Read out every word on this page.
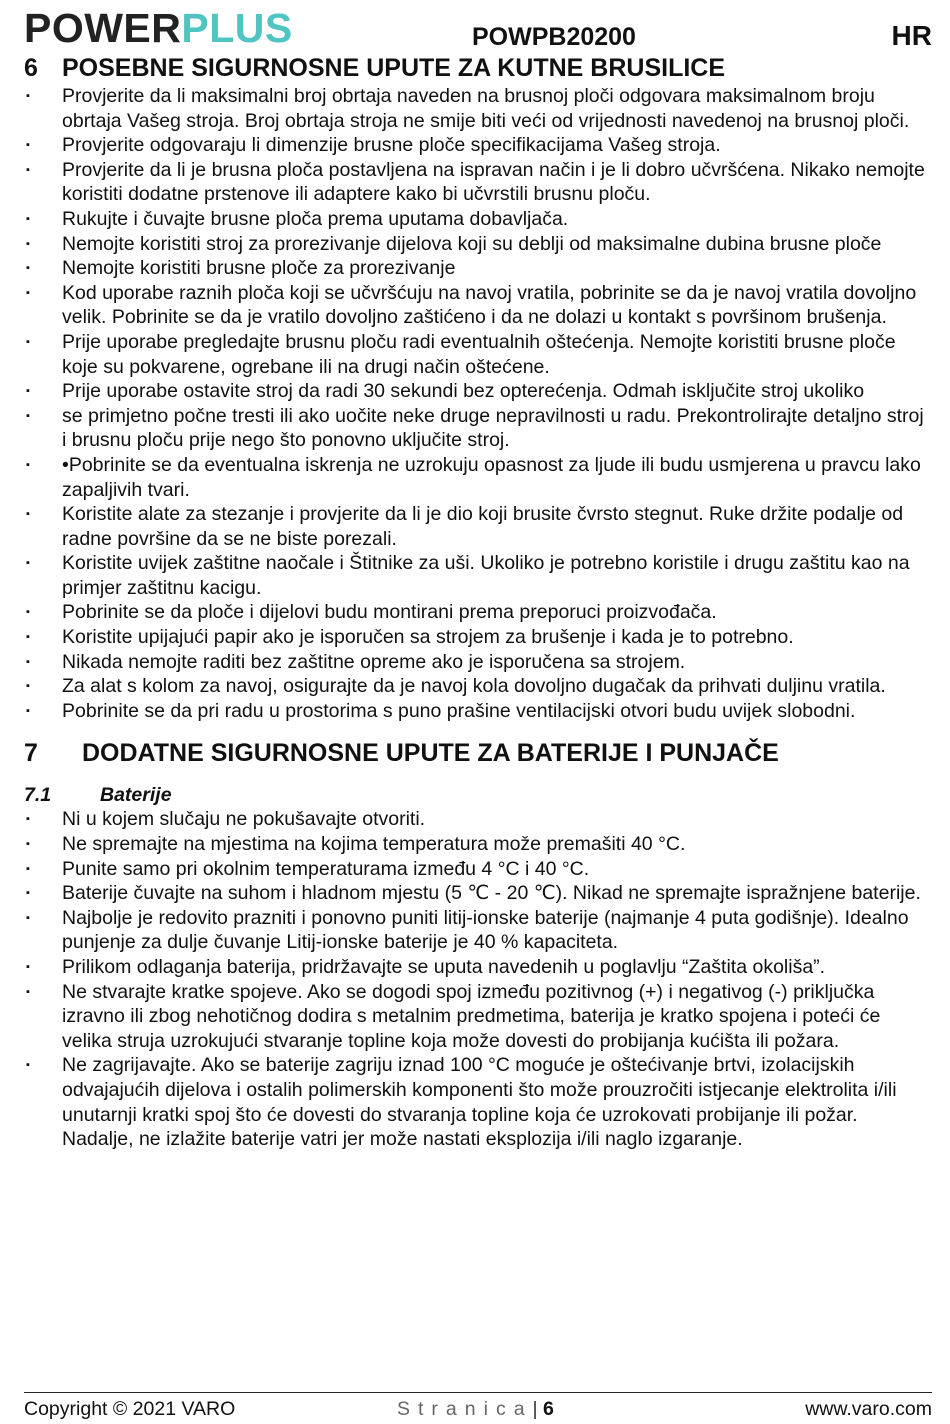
POWERPLUS	POWPB20200	HR
6 POSEBNE SIGURNOSNE UPUTE ZA KUTNE BRUSILICE
▪ Provjerite da li maksimalni broj obrtaja naveden na brusnoj ploči odgovara maksimalnom broju obrtaja Vašeg stroja. Broj obrtaja stroja ne smije biti veći od vrijednosti navedenoj na brusnoj ploči.
▪ Provjerite odgovaraju li dimenzije brusne ploče specifikacijama Vašeg stroja.
▪ Provjerite da li je brusna ploča postavljena na ispravan način i je li dobro učvršćena. Nikako nemojte koristiti dodatne prstenove ili adaptere kako bi učvrstili brusnu ploču.
▪ Rukujte i čuvajte brusne ploča prema uputama dobavljača.
▪ Nemojte koristiti stroj za prorezivanje dijelova koji su deblji od maksimalne dubina brusne ploče
▪ Nemojte koristiti brusne ploče za prorezivanje
▪ Kod uporabe raznih ploča koji se učvršćuju na navoj vratila, pobrinite se da je navoj vratila dovoljno velik. Pobrinite se da je vratilo dovoljno zaštićeno i da ne dolazi u kontakt s površinom brušenja.
▪ Prije uporabe pregledajte brusnu ploču radi eventualnih oštećenja. Nemojte koristiti brusne ploče koje su pokvarene, ogrebane ili na drugi način oštećene.
▪ Prije uporabe ostavite stroj da radi 30 sekundi bez opterećenja. Odmah isključite stroj ukoliko
▪ se primjetno počne tresti ili ako uočite neke druge nepravilnosti u radu. Prekontrolirajte detaljno stroj i brusnu ploču prije nego što ponovno uključite stroj.
▪ •Pobrinite se da eventualna iskrenja ne uzrokuju opasnost za ljude ili budu usmjerena u pravcu lako zapaljivih tvari.
▪ Koristite alate za stezanje i provjerite da li je dio koji brusite čvrsto stegnut. Ruke držite podalje od radne površine da se ne biste porezali.
▪ Koristite uvijek zaštitne naočale i Štitnike za uši. Ukoliko je potrebno koristile i drugu zaštitu kao na primjer zaštitnu kacigu.
▪ Pobrinite se da ploče i dijelovi budu montirani prema preporuci proizvođača.
▪ Koristite upijajući papir ako je isporučen sa strojem za brušenje i kada je to potrebno.
▪ Nikada nemojte raditi bez zaštitne opreme ako je isporučena sa strojem.
▪ Za alat s kolom za navoj, osigurajte da je navoj kola dovoljno dugačak da prihvati duljinu vratila.
▪ Pobrinite se da pri radu u prostorima s puno prašine ventilacijski otvori budu uvijek slobodni.
7 DODATNE SIGURNOSNE UPUTE ZA BATERIJE I PUNJAČE
7.1	Baterije
▪ Ni u kojem slučaju ne pokušavajte otvoriti.
▪ Ne spremajte na mjestima na kojima temperatura može premašiti 40 °C.
▪ Punite samo pri okolnim temperaturama između 4 °C i 40 °C.
▪ Baterije čuvajte na suhom i hladnom mjestu (5 ℃ - 20 ℃). Nikad ne spremajte ispražnjene baterije.
▪ Najbolje je redovito prazniti i ponovno puniti litij-ionske baterije (najmanje 4 puta godišnje). Idealno punjenje za dulje čuvanje Litij-ionske baterije je 40 % kapaciteta.
▪ Prilikom odlaganja baterija, pridržavajte se uputa navedenih u poglavlju “Zaštita okoliša”.
▪ Ne stvarajte kratke spojeve. Ako se dogodi spoj između pozitivnog (+) i negativog (-) priključka izravno ili zbog nehotičnog dodira s metalnim predmetima, baterija je kratko spojena i poteći će velika struja uzrokujući stvaranje topline koja može dovesti do probijanja kućišta ili požara.
▪ Ne zagrijavajte. Ako se baterije zagriju iznad 100 °C moguće je oštećivanje brtvi, izolacijskih odvajajućih dijelova i ostalih polimerskih komponenti što može prouzročiti istjecanje elektrolita i/ili unutarnji kratki spoj što će dovesti do stvaranja topline koja će uzrokovati probijanje ili požar. Nadalje, ne izlažite baterije vatri jer može nastati eksplozija i/ili naglo izgaranje.
Copyright © 2021 VARO	Stranica| 6	www.varo.com
